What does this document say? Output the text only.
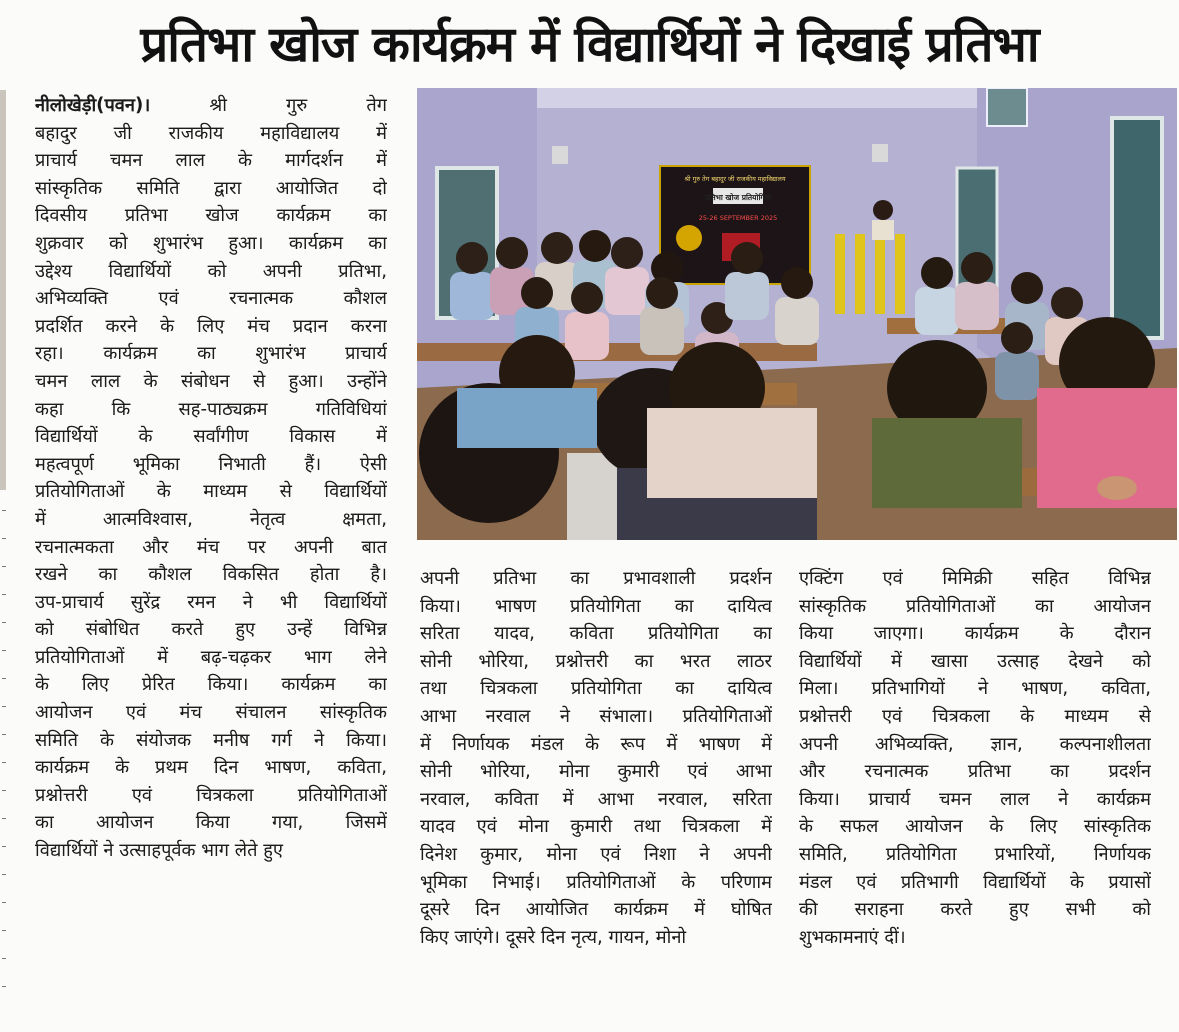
प्रतिभा खोज कार्यक्रम में विद्यार्थियों ने दिखाई प्रतिभा
नीलोखेड़ी(पवन)।	श्री गुरु तेग
बहादुर जी राजकीय महाविद्यालय में
प्राचार्य चमन लाल के मार्गदर्शन में
सांस्कृतिक समिति द्वारा आयोजित दो
दिवसीय प्रतिभा खोज कार्यक्रम का
शुक्रवार को शुभारंभ हुआ। कार्यक्रम का
उद्देश्य विद्यार्थियों को अपनी प्रतिभा,
अभिव्यक्ति एवं रचनात्मक कौशल
प्रदर्शित करने के लिए मंच प्रदान करना
रहा। कार्यक्रम का शुभारंभ प्राचार्य
चमन लाल के संबोधन से हुआ। उन्होंने
कहा कि सह-पाठ्यक्रम गतिविधियां
विद्यार्थियों के सर्वांगीण विकास में
महत्वपूर्ण भूमिका निभाती हैं। ऐसी
प्रतियोगिताओं के माध्यम से विद्यार्थियों
में आत्मविश्वास, नेतृत्व क्षमता,
रचनात्मकता और मंच पर अपनी बात
रखने का कौशल विकसित होता है।
उप-प्राचार्य सुरेंद्र रमन ने भी विद्यार्थियों
को संबोधित करते हुए उन्हें विभिन्न
प्रतियोगिताओं में बढ़-चढ़कर भाग लेने
के लिए प्रेरित किया। कार्यक्रम का
आयोजन एवं मंच संचालन सांस्कृतिक
समिति के संयोजक मनीष गर्ग ने किया।
कार्यक्रम के प्रथम दिन भाषण, कविता,
प्रश्नोत्तरी एवं चित्रकला प्रतियोगिताओं
का आयोजन किया गया, जिसमें
विद्यार्थियों ने उत्साहपूर्वक भाग लेते हुए
श्री गुरु तेग बहादुर जी राजकीय महाविद्यालय
प्रतिभा खोज प्रतियोगिता
25-26 SEPTEMBER 2025
अपनी प्रतिभा का प्रभावशाली प्रदर्शन
किया। भाषण प्रतियोगिता का दायित्व
सरिता यादव, कविता प्रतियोगिता का
सोनी भोरिया, प्रश्नोत्तरी का भरत लाठर
तथा चित्रकला प्रतियोगिता का दायित्व
आभा नरवाल ने संभाला। प्रतियोगिताओं
में निर्णायक मंडल के रूप में भाषण में
सोनी भोरिया, मोना कुमारी एवं आभा
नरवाल, कविता में आभा नरवाल, सरिता
यादव एवं मोना कुमारी तथा चित्रकला में
दिनेश कुमार, मोना एवं निशा ने अपनी
भूमिका निभाई। प्रतियोगिताओं के परिणाम
दूसरे दिन आयोजित कार्यक्रम में घोषित
किए जाएंगे। दूसरे दिन नृत्य, गायन, मोनो
एक्टिंग एवं मिमिक्री सहित विभिन्न
सांस्कृतिक प्रतियोगिताओं का आयोजन
किया जाएगा। कार्यक्रम के दौरान
विद्यार्थियों में खासा उत्साह देखने को
मिला। प्रतिभागियों ने भाषण, कविता,
प्रश्नोत्तरी एवं चित्रकला के माध्यम से
अपनी अभिव्यक्ति, ज्ञान, कल्पनाशीलता
और रचनात्मक प्रतिभा का प्रदर्शन
किया। प्राचार्य चमन लाल ने कार्यक्रम
के सफल आयोजन के लिए सांस्कृतिक
समिति, प्रतियोगिता प्रभारियों, निर्णायक
मंडल एवं प्रतिभागी विद्यार्थियों के प्रयासों
की सराहना करते हुए सभी को
शुभकामनाएं दीं।
